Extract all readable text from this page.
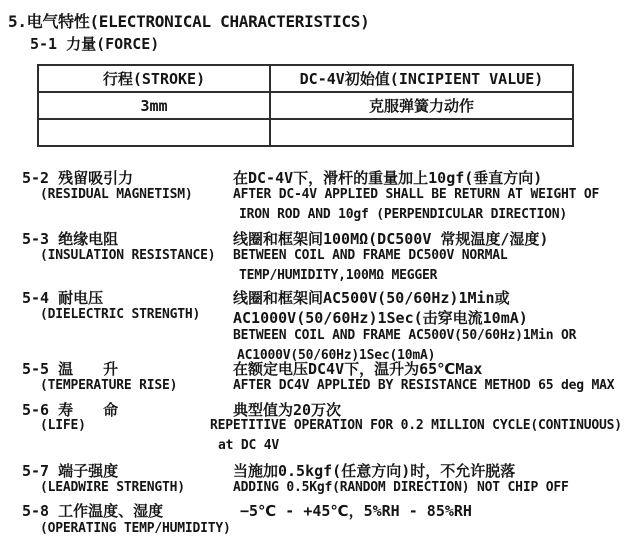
5.电气特性(ELECTRONICAL CHARACTERISTICS)
5-1 力量(FORCE)
行程(STROKE)	DC-4V初始值(INCIPIENT VALUE)
3mm	克服弹簧力动作

5-2 残留吸引力
(RESIDUAL MAGNETISM)
在DC-4V下，滑杆的重量加上10gf(垂直方向)
AFTER DC-4V APPLIED SHALL BE RETURN AT WEIGHT OF
IRON ROD AND 10gf (PERPENDICULAR DIRECTION)
5-3 绝缘电阻
(INSULATION RESISTANCE)
线圈和框架间100MΩ(DC500V 常规温度/湿度)
BETWEEN COIL AND FRAME DC500V NORMAL
TEMP/HUMIDITY,100MΩ MEGGER
5-4 耐电压
(DIELECTRIC STRENGTH)
线圈和框架间AC500V(50/60Hz)1Min或
AC1000V(50/60Hz)1Sec(击穿电流10mA)
BETWEEN COIL AND FRAME AC500V(50/60Hz)1Min OR
AC1000V(50/60Hz)1Sec(10mA)
5-5 温　　升
(TEMPERATURE RISE)
在额定电压DC4V下，温升为65℃Max
AFTER DC4V APPLIED BY RESISTANCE METHOD 65 deg MAX
5-6 寿　　命
(LIFE)
典型值为20万次
REPETITIVE OPERATION FOR 0.2 MILLION CYCLE(CONTINUOUS)
at DC 4V
5-7 端子强度
(LEADWIRE STRENGTH)
当施加0.5kgf(任意方向)时，不允许脱落
ADDING 0.5Kgf(RANDOM DIRECTION) NOT CHIP OFF
5-8 工作温度、湿度
(OPERATING TEMP/HUMIDITY)
−5℃ - +45℃，5%RH - 85%RH
